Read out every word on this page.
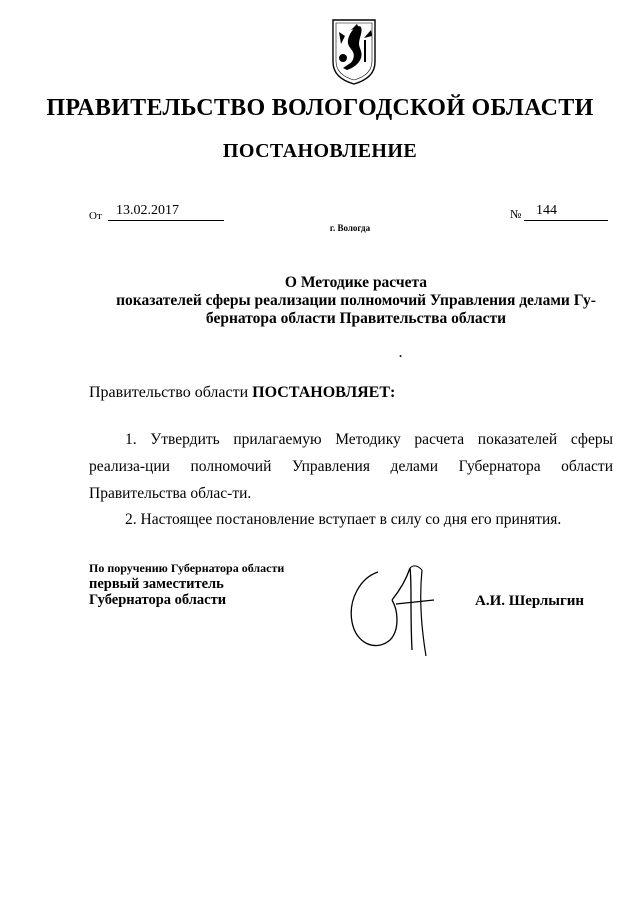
ПРАВИТЕЛЬСТВО ВОЛОГОДСКОЙ ОБЛАСТИ
ПОСТАНОВЛЕНИЕ
От	13.02.2017	№	144
г. Вологда
О Методике расчета
показателей сферы реализации полномочий Управления делами Гу-
бернатора области Правительства области
.
Правительство области ПОСТАНОВЛЯЕТ:
1. Утвердить прилагаемую Методику расчета показателей сферы реализа-ции полномочий Управления делами Губернатора области Правительства облас-ти.
2. Настоящее постановление вступает в силу со дня его принятия.
По поручению Губернатора области
первый заместитель
Губернатора области	А.И. Шерлыгин
